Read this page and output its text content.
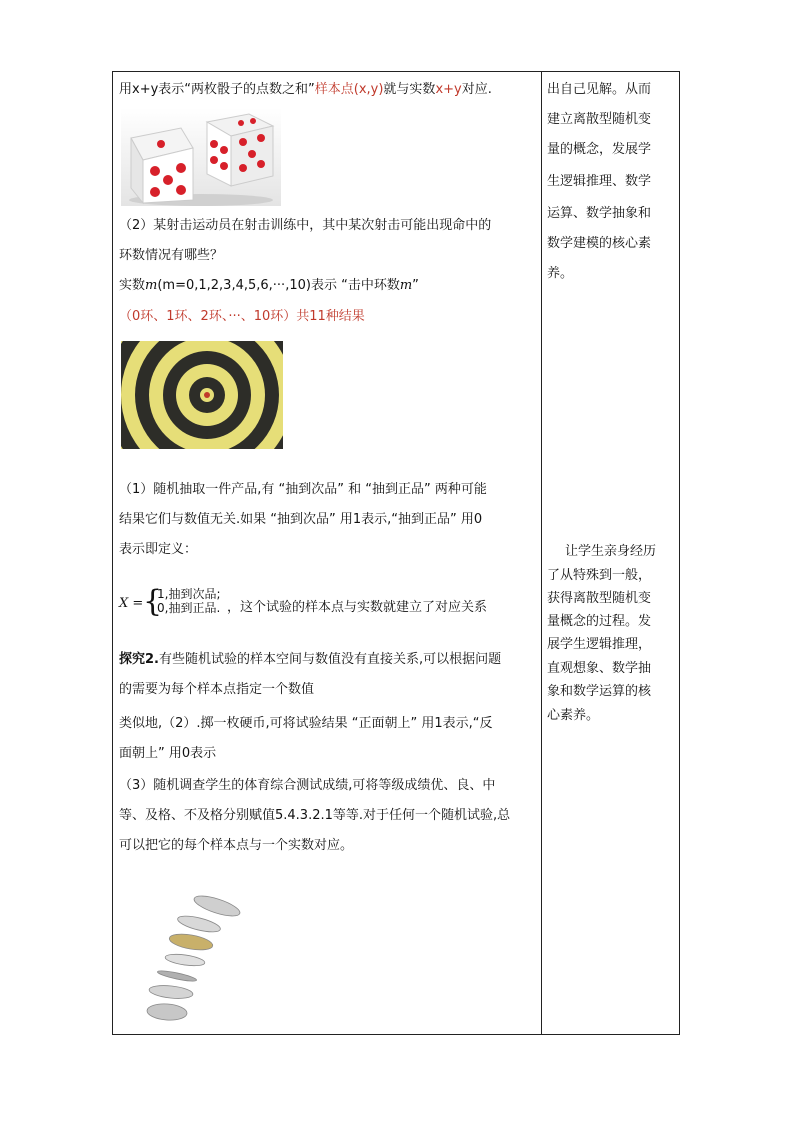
用x+y表示“两枚骰子的点数之和”样本点(x,y)就与实数x+y对应.
（2）某射击运动员在射击训练中，其中某次射击可能出现命中的
环数情况有哪些？
实数m(m=0,1,2,3,4,5,6,···,10)表示 “击中环数m”
（0环、1环、2环、···、10环）共11种结果
6
7
8
9
9
8
7
6
（1）随机抽取一件产品,有 “抽到次品” 和 “抽到正品” 两种可能
结果它们与数值无关.如果 “抽到次品” 用1表示,“抽到正品” 用0
表示即定义：
X = {
1,抽到次品;
0,抽到正品. ，这个试验的样本点与实数就建立了对应关系
探究2.有些随机试验的样本空间与数值没有直接关系,可以根据问题
的需要为每个样本点指定一个数值
类似地,（2）.掷一枚硬币,可将试验结果 “正面朝上” 用1表示,“反
面朝上” 用0表示
（3）随机调查学生的体育综合测试成绩,可将等级成绩优、良、中
等、及格、不及格分别赋值5.4.3.2.1等等.对于任何一个随机试验,总
可以把它的每个样本点与一个实数对应。
出自己见解。从而
建立离散型随机变
量的概念，发展学
生逻辑推理、数学
运算、数学抽象和
数学建模的核心素
养。
让学生亲身经历
了从特殊到一般，
获得离散型随机变
量概念的过程。发
展学生逻辑推理，
直观想象、数学抽
象和数学运算的核
心素养。
